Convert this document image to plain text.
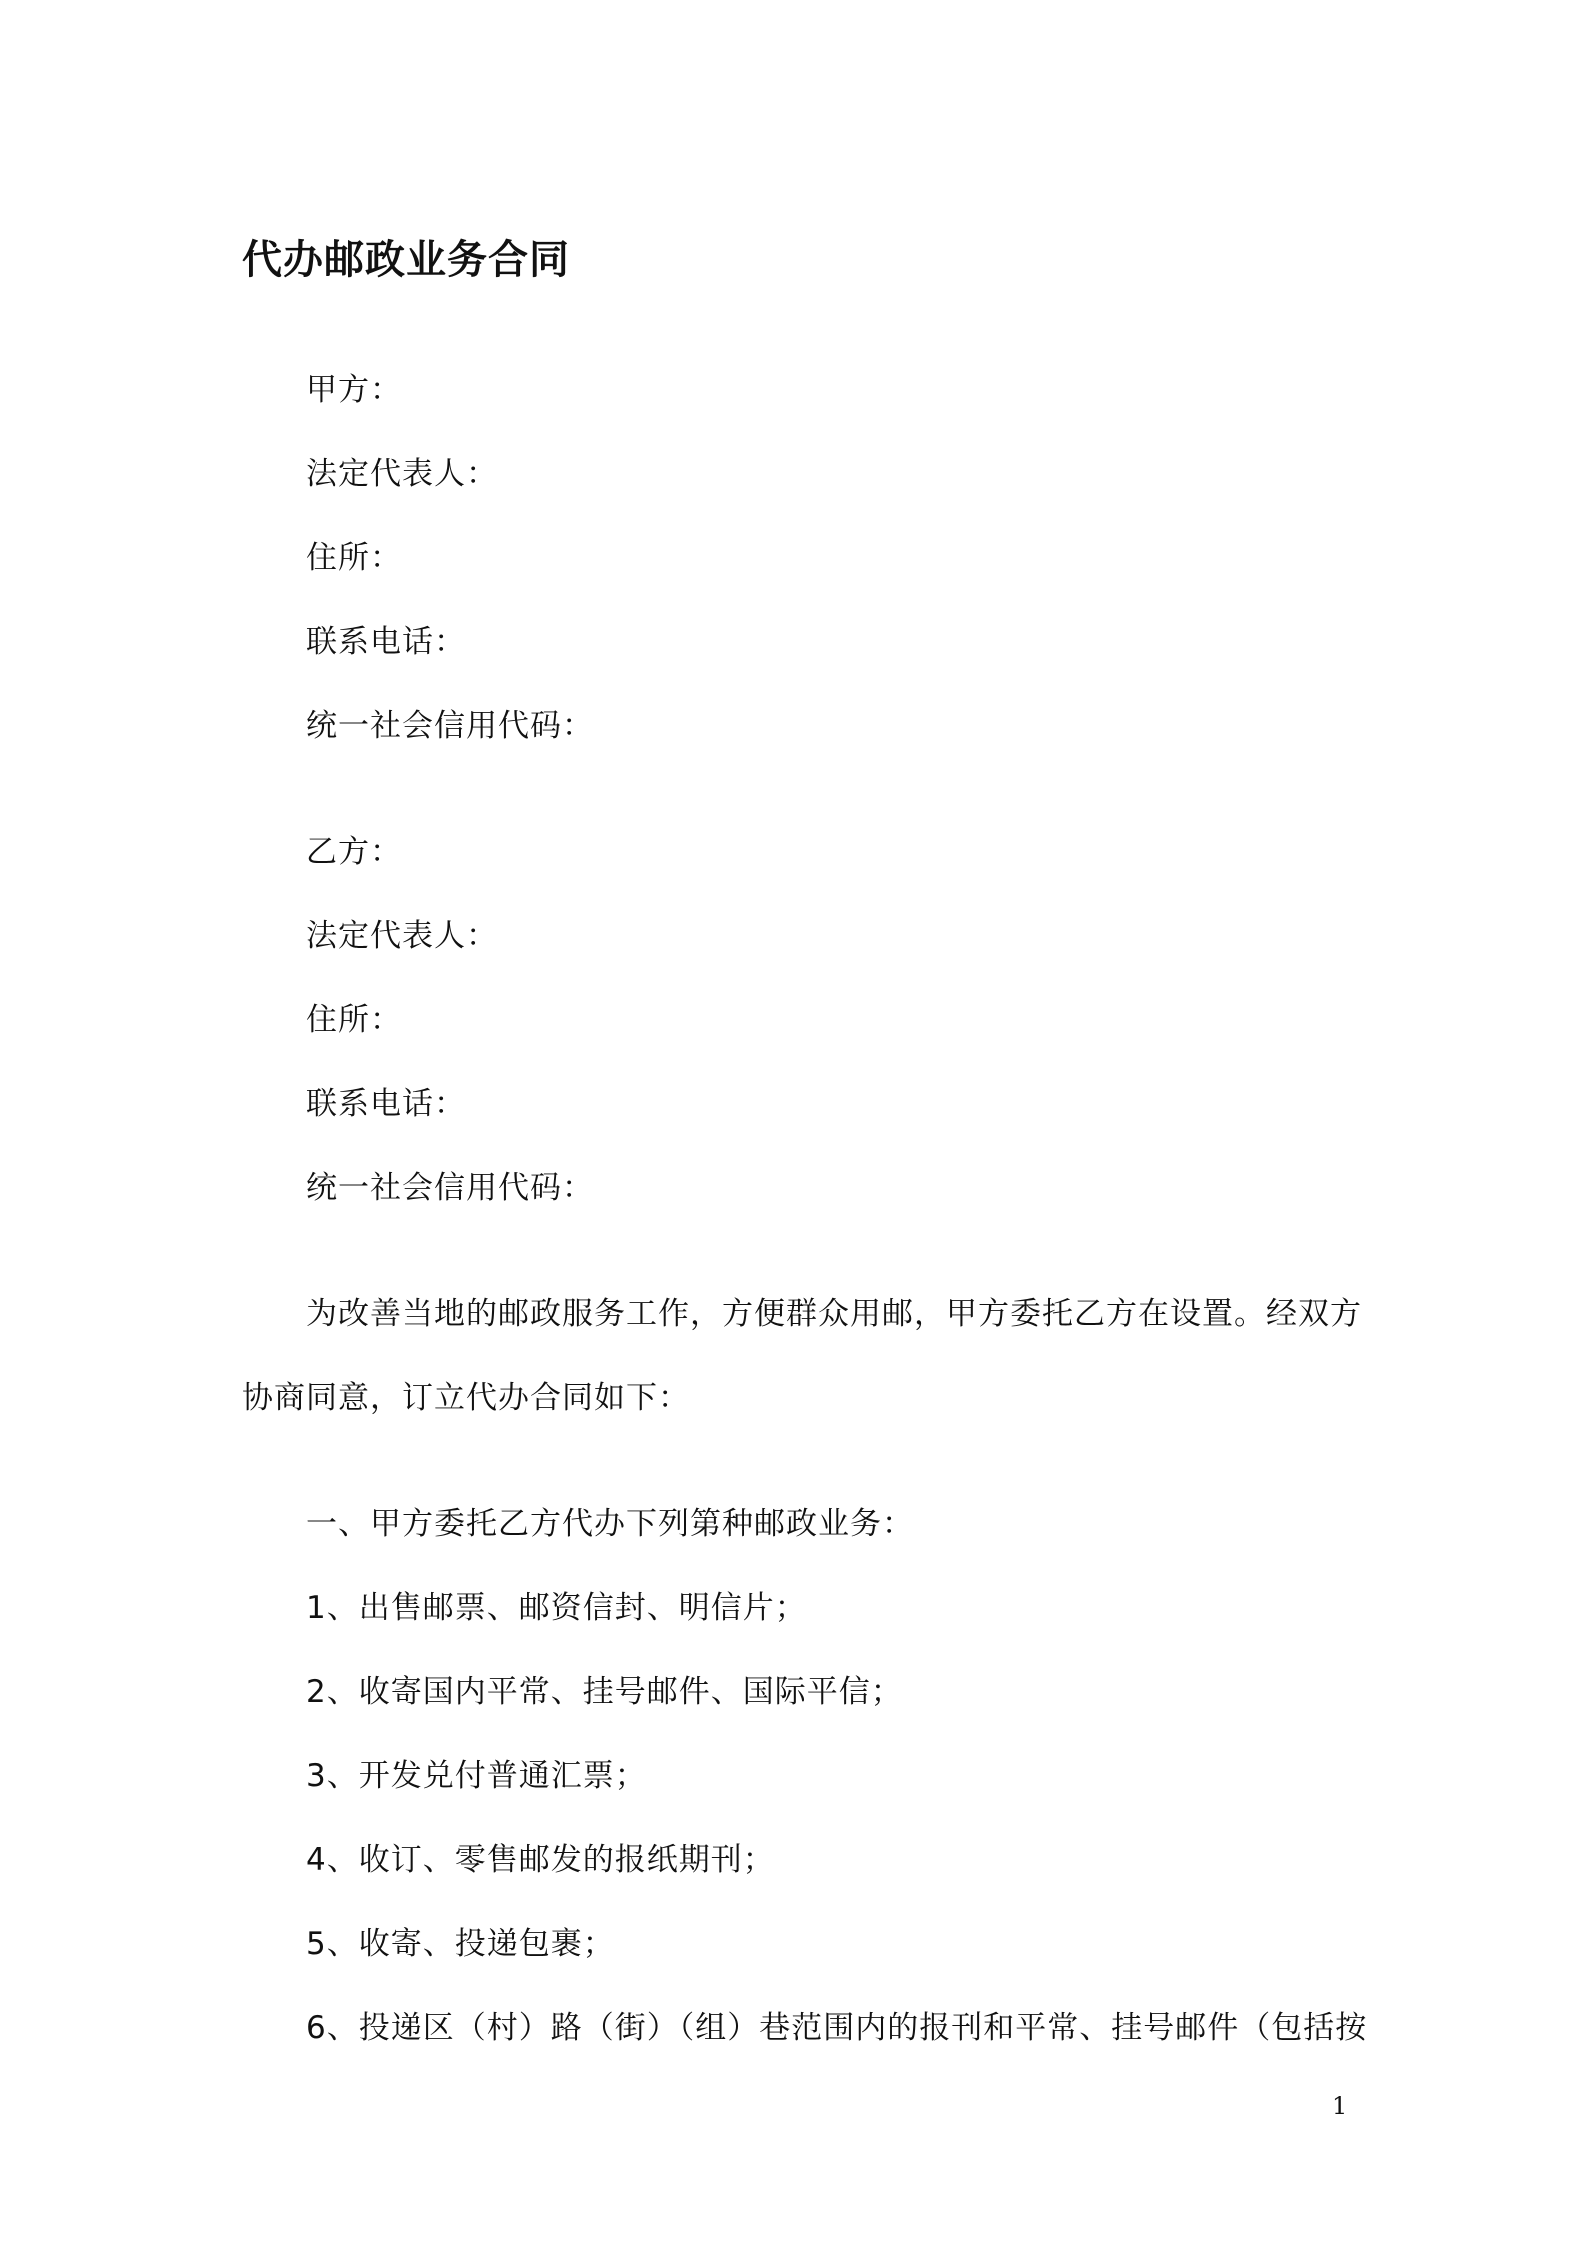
代办邮政业务合同
甲方：
法定代表人：
住所：
联系电话：
统一社会信用代码：
乙方：
法定代表人：
住所：
联系电话：
统一社会信用代码：
为改善当地的邮政服务工作，方便群众用邮，甲方委托乙方在设置。经双方
协商同意，订立代办合同如下：
一、甲方委托乙方代办下列第种邮政业务：
1、出售邮票、邮资信封、明信片；
2、收寄国内平常、挂号邮件、国际平信；
3、开发兑付普通汇票；
4、收订、零售邮发的报纸期刊；
5、收寄、投递包裹；
6、投递区（村）路（街）（组）巷范围内的报刊和平常、挂号邮件（包括按
1
